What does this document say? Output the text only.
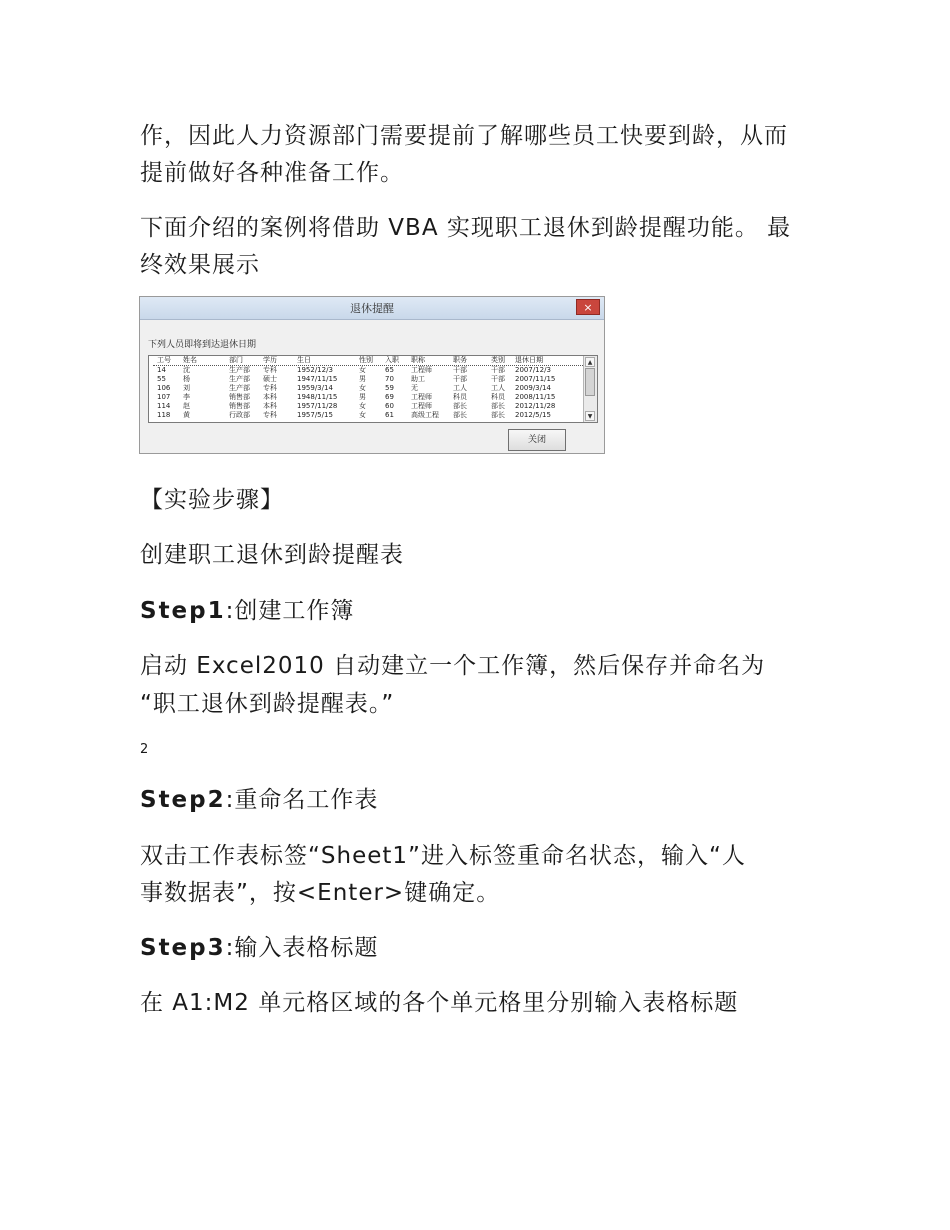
作，因此人力资源部门需要提前了解哪些员工快要到龄，从而

提前做好各种准备工作。

下面介绍的案例将借助 VBA 实现职工退休到龄提醒功能。 最

终效果展示

退休提醒	×
下列人员即将到达退休日期
工号 姓名	部门	学历	生日	性别 入职 职称	职务	类别 退休日期
14 沈	生产部 专科	1952/12/3	女	65 工程师	干部	干部 2007/12/3
55 杨	生产部 硕士	1947/11/15	男	70 助工	干部	干部 2007/11/15
106 刘	生产部 专科	1959/3/14	女	59 无	工人	工人 2009/3/14
107 李	销售部 本科	1948/11/15	男	69 工程师	科员	科员 2008/11/15
114 赵	销售部 本科	1957/11/28	女	60 工程师	部长	部长 2012/11/28
118 黄	行政部 专科	1957/5/15	女	61 高级工程 部长	部长 2012/5/15
▲
▼
关闭

【实验步骤】

创建职工退休到龄提醒表

Step1:创建工作簿

启动 Excel2010 自动建立一个工作簿，然后保存并命名为

“职工退休到龄提醒表。”

2

Step2:重命名工作表

双击工作表标签“Sheet1”进入标签重命名状态，输入“人

事数据表”，按<Enter>键确定。

Step3:输入表格标题

在 A1:M2 单元格区域的各个单元格里分别输入表格标题
